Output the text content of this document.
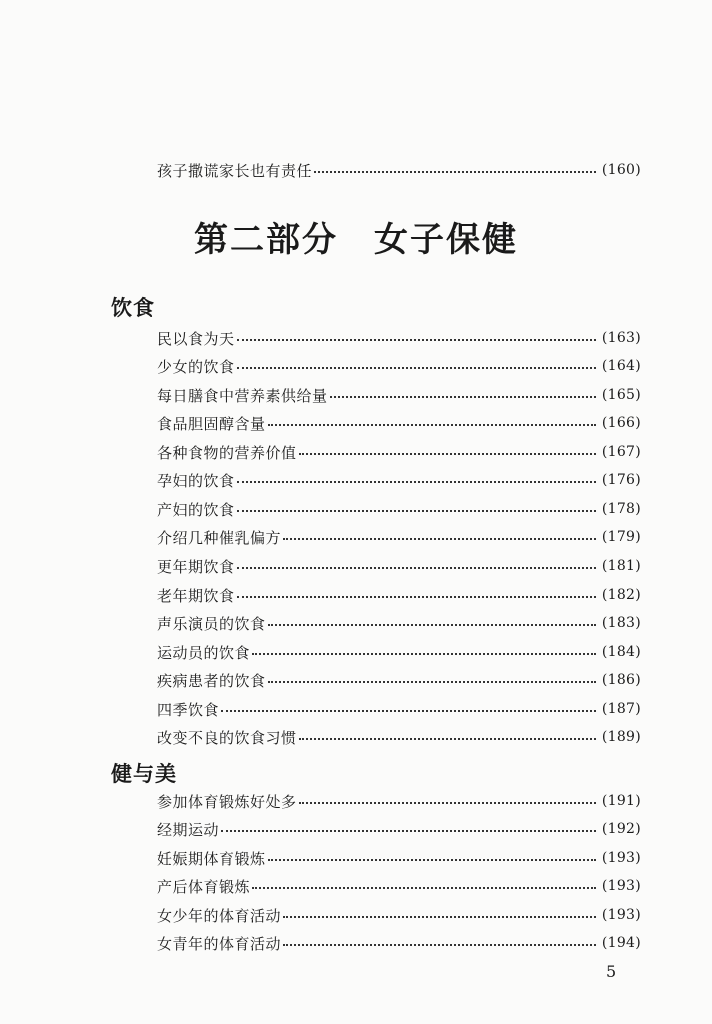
孩子撒谎家长也有责任	(160)
第二部分　女子保健
饮食
民以食为天	(163)
少女的饮食	(164)
每日膳食中营养素供给量	(165)
食品胆固醇含量	(166)
各种食物的营养价值	(167)
孕妇的饮食	(176)
产妇的饮食	(178)
介绍几种催乳偏方	(179)
更年期饮食	(181)
老年期饮食	(182)
声乐演员的饮食	(183)
运动员的饮食	(184)
疾病患者的饮食	(186)
四季饮食	(187)
改变不良的饮食习惯	(189)
健与美
参加体育锻炼好处多	(191)
经期运动	(192)
妊娠期体育锻炼	(193)
产后体育锻炼	(193)
女少年的体育活动	(193)
女青年的体育活动	(194)
5
